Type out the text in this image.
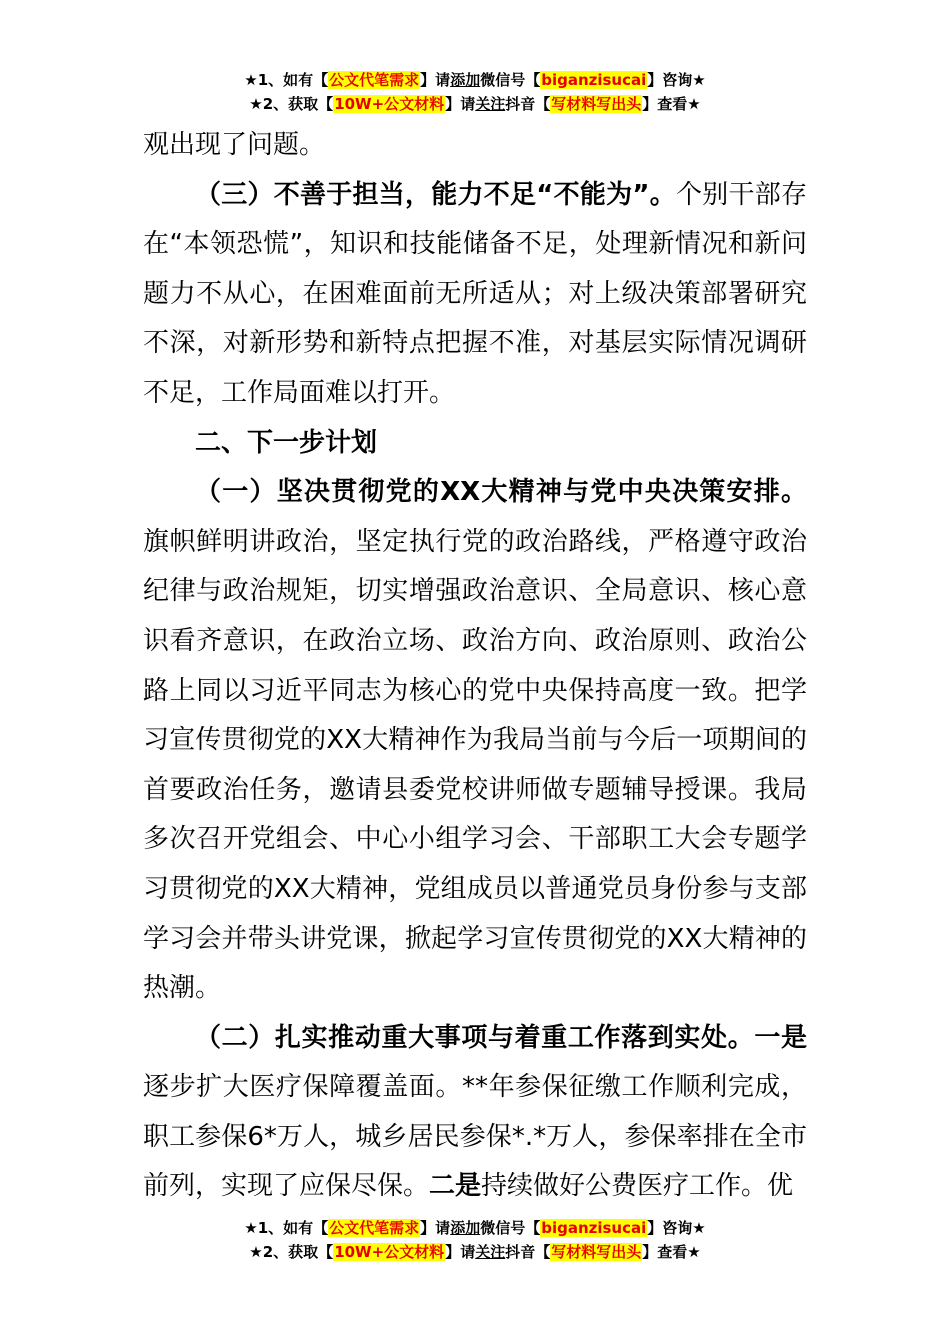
★1、如有【公文代笔需求】请添加微信号【biganzisucai】咨询★
★2、获取【10W+公文材料】请关注抖音【写材料写出头】查看★

观出现了问题。

（三）不善于担当，能力不足“不能为”。个别干部存在“本领恐慌”，知识和技能储备不足，处理新情况和新问题力不从心，在困难面前无所适从；对上级决策部署研究不深，对新形势和新特点把握不准，对基层实际情况调研不足，工作局面难以打开。

二、下一步计划

（一）坚决贯彻党的XX大精神与党中央决策安排。旗帜鲜明讲政治，坚定执行党的政治路线，严格遵守政治纪律与政治规矩，切实增强政治意识、全局意识、核心意识看齐意识，在政治立场、政治方向、政治原则、政治公路上同以习近平同志为核心的党中央保持高度一致。把学习宣传贯彻党的XX大精神作为我局当前与今后一项期间的首要政治任务，邀请县委党校讲师做专题辅导授课。我局多次召开党组会、中心小组学习会、干部职工大会专题学习贯彻党的XX大精神，党组成员以普通党员身份参与支部学习会并带头讲党课，掀起学习宣传贯彻党的XX大精神的热潮。

（二）扎实推动重大事项与着重工作落到实处。一是逐步扩大医疗保障覆盖面。**年参保征缴工作顺利完成，职工参保6*万人，城乡居民参保*.*万人，参保率排在全市前列，实现了应保尽保。二是持续做好公费医疗工作。优

★1、如有【公文代笔需求】请添加微信号【biganzisucai】咨询★
★2、获取【10W+公文材料】请关注抖音【写材料写出头】查看★
